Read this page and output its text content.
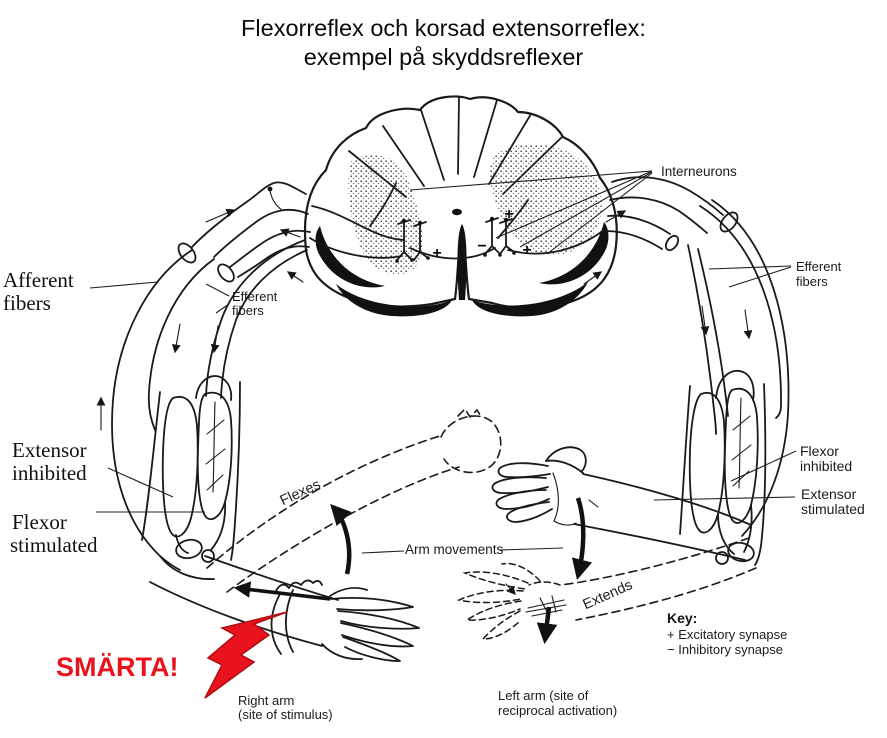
Flexorreflex och korsad extensorreflex:
exempel på skyddsreflexer
+ − +
+
Flexes
Extends
Interneurons
Efferent
fibers
Efferent
fibers
Afferent
fibers
Extensor
inhibited
Flexor
stimulated
Flexor
inhibited
Extensor
stimulated
Arm movements
Key:
+ Excitatory synapse
− Inhibitory synapse
Right arm
(site of stimulus)
Left arm (site of
reciprocal activation)
SMÄRTA!
